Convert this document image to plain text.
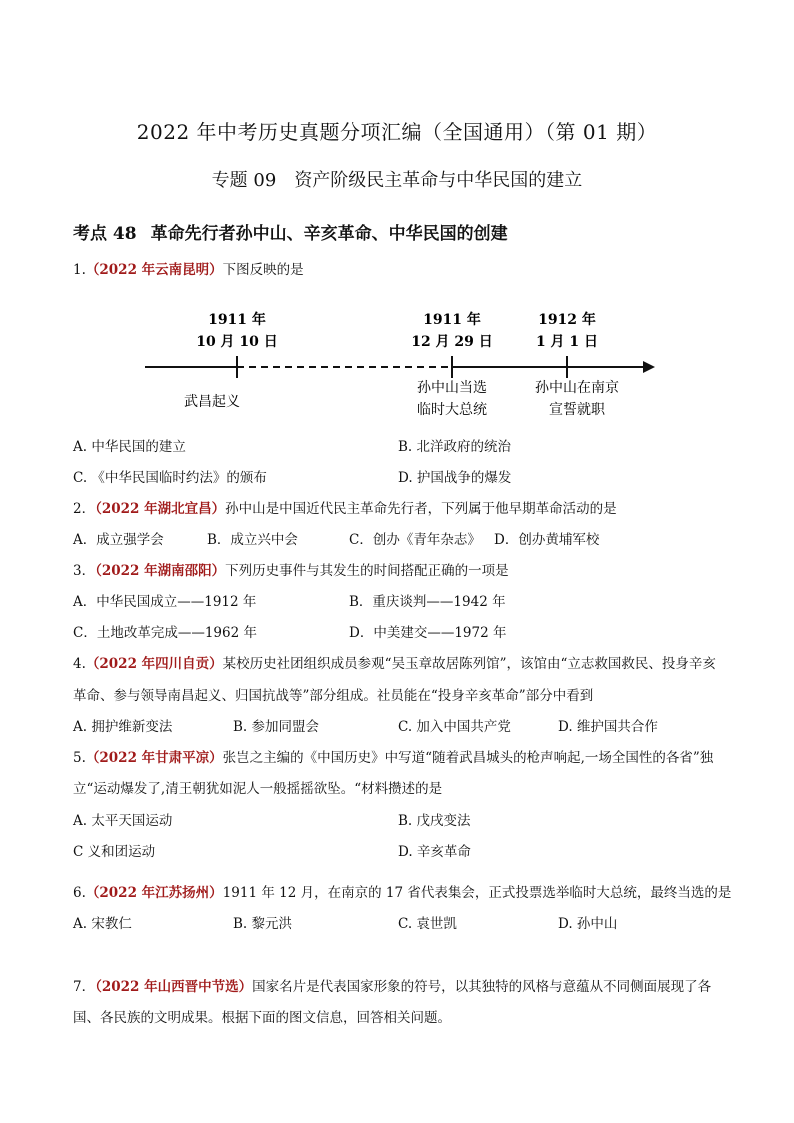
2022 年中考历史真题分项汇编（全国通用）（第 01 期）
专题 09 资产阶级民主革命与中华民国的建立
考点 48 革命先行者孙中山、辛亥革命、中华民国的创建
1.（2022 年云南昆明）下图反映的是
1911 年
10 月 10 日
1911 年
12 月 29 日
1912 年
1 月 1 日
武昌起义
孙中山当选
临时大总统
孙中山在南京
宣誓就职
A. 中华民国的建立	B. 北洋政府的统治
C. 《中华民国临时约法》的颁布	D. 护国战争的爆发
2．（2022 年湖北宜昌）孙中山是中国近代民主革命先行者，下列属于他早期革命活动的是
A．成立强学会	B．成立兴中会	C．创办《青年杂志》 D．创办黄埔军校
3．（2022 年湖南邵阳）下列历史事件与其发生的时间搭配正确的一项是
A．中华民国成立——1912 年	B．重庆谈判——1942 年
C．土地改革完成——1962 年	D．中美建交——1972 年
4.（2022 年四川自贡）某校历史社团组织成员参观“吴玉章故居陈列馆”，该馆由“立志救国救民、投身辛亥
革命、参与领导南昌起义、归国抗战等”部分组成。社员能在“投身辛亥革命”部分中看到
A. 拥护维新变法	B. 参加同盟会	C. 加入中国共产党	D. 维护国共合作
5.（2022 年甘肃平凉）张岂之主编的《中国历史》中写道“随着武昌城头的枪声响起,一场全国性的各省”独
立“运动爆发了,清王朝犹如泥人一般摇摇欲坠。“材料攒述的是
A. 太平天国运动	B. 戊戌变法
C 义和团运动	D. 辛亥革命
6.（2022 年江苏扬州）1911 年 12 月，在南京的 17 省代表集会，正式投票选举临时大总统，最终当选的是
A. 宋教仁	B. 黎元洪	C. 袁世凯	D. 孙中山
7．（2022 年山西晋中节选）国家名片是代表国家形象的符号，以其独特的风格与意蕴从不同侧面展现了各
国、各民族的文明成果。根据下面的图文信息，回答相关问题。
